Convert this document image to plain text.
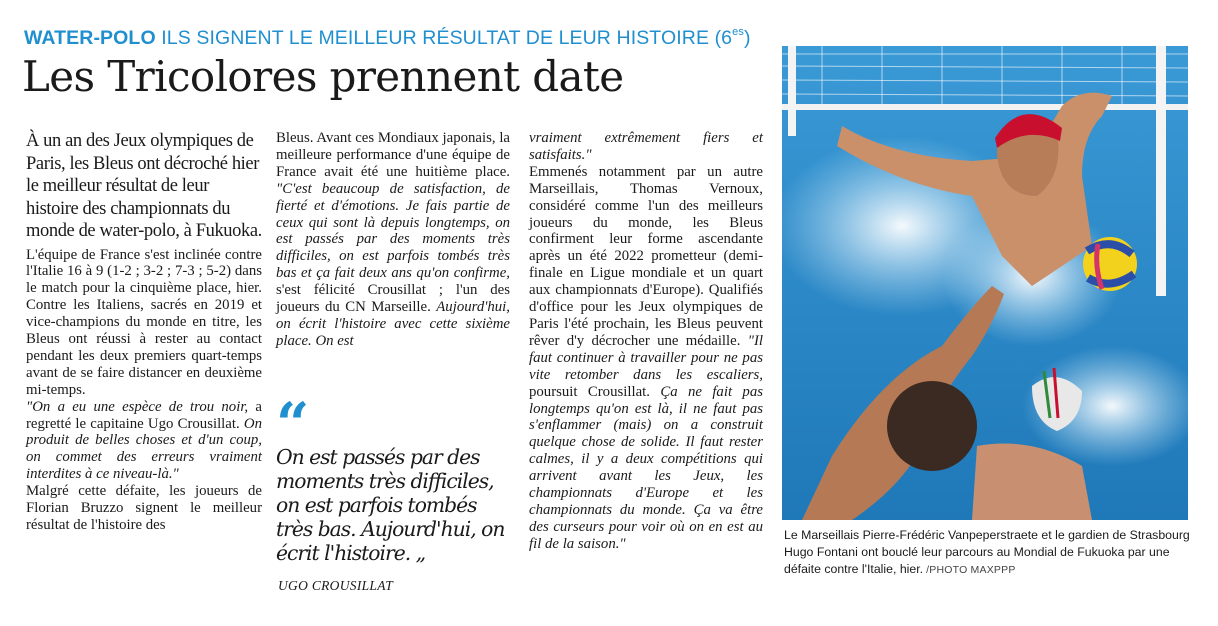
WATER-POLO ILS SIGNENT LE MEILLEUR RÉSULTAT DE LEUR HISTOIRE $(6^{es})$
Les Tricolores prennent date

À un an des Jeux olympiques de Paris, les Bleus ont décroché hier le meilleur résultat de leur histoire des championnats du monde de water-polo, à Fukuoka.

L'équipe de France s'est inclinée contre l'Italie 16 à 9 (1-2 ; 3-2 ; 7-3 ; 5-2) dans le match pour la cinquième place, hier. Contre les Italiens, sacrés en 2019 et vice-champions du monde en titre, les Bleus ont réussi à rester au contact pendant les deux premiers quart-temps avant de se faire distancer en deuxième mi-temps.

"On a eu une espèce de trou noir, a regretté le capitaine Ugo Crousillat. On produit de belles choses et d'un coup, on commet des erreurs vraiment interdites à ce niveau-là."

Malgré cette défaite, les joueurs de Florian Bruzzo signent le meilleur résultat de l'histoire des

Bleus. Avant ces Mondiaux japonais, la meilleure performance d'une équipe de France avait été une huitième place. "C'est beaucoup de satisfaction, de fierté et d'émotions. Je fais partie de ceux qui sont là depuis longtemps, on est passés par des moments très difficiles, on est parfois tombés très bas et ça fait deux ans qu'on confirme, s'est félicité Crousillat ; l'un des joueurs du CN Marseille. Aujourd'hui, on écrit l'histoire avec cette sixième place. On est

“
On est passés par des moments très difficiles, on est parfois tombés très bas. Aujourd'hui, on écrit l'histoire. „
UGO CROUSILLAT

vraiment extrêmement fiers et satisfaits."

Emmenés notamment par un autre Marseillais, Thomas Vernoux, considéré comme l'un des meilleurs joueurs du monde, les Bleus confirment leur forme ascendante après un été 2022 prometteur (demi-finale en Ligue mondiale et un quart aux championnats d'Europe). Qualifiés d'office pour les Jeux olympiques de Paris l'été prochain, les Bleus peuvent rêver d'y décrocher une médaille. "Il faut continuer à travailler pour ne pas vite retomber dans les escaliers, poursuit Crousillat. Ça ne fait pas longtemps qu'on est là, il ne faut pas s'enflammer (mais) on a construit quelque chose de solide. Il faut rester calmes, il y a deux compétitions qui arrivent avant les Jeux, les championnats d'Europe et les championnats du monde. Ça va être des curseurs pour voir où on en est au fil de la saison."

Le Marseillais Pierre-Frédéric Vanpeperstraete et le gardien de Strasbourg Hugo Fontani ont bouclé leur parcours au Mondial de Fukuoka par une défaite contre l'Italie, hier. /PHOTO MAXPPP
